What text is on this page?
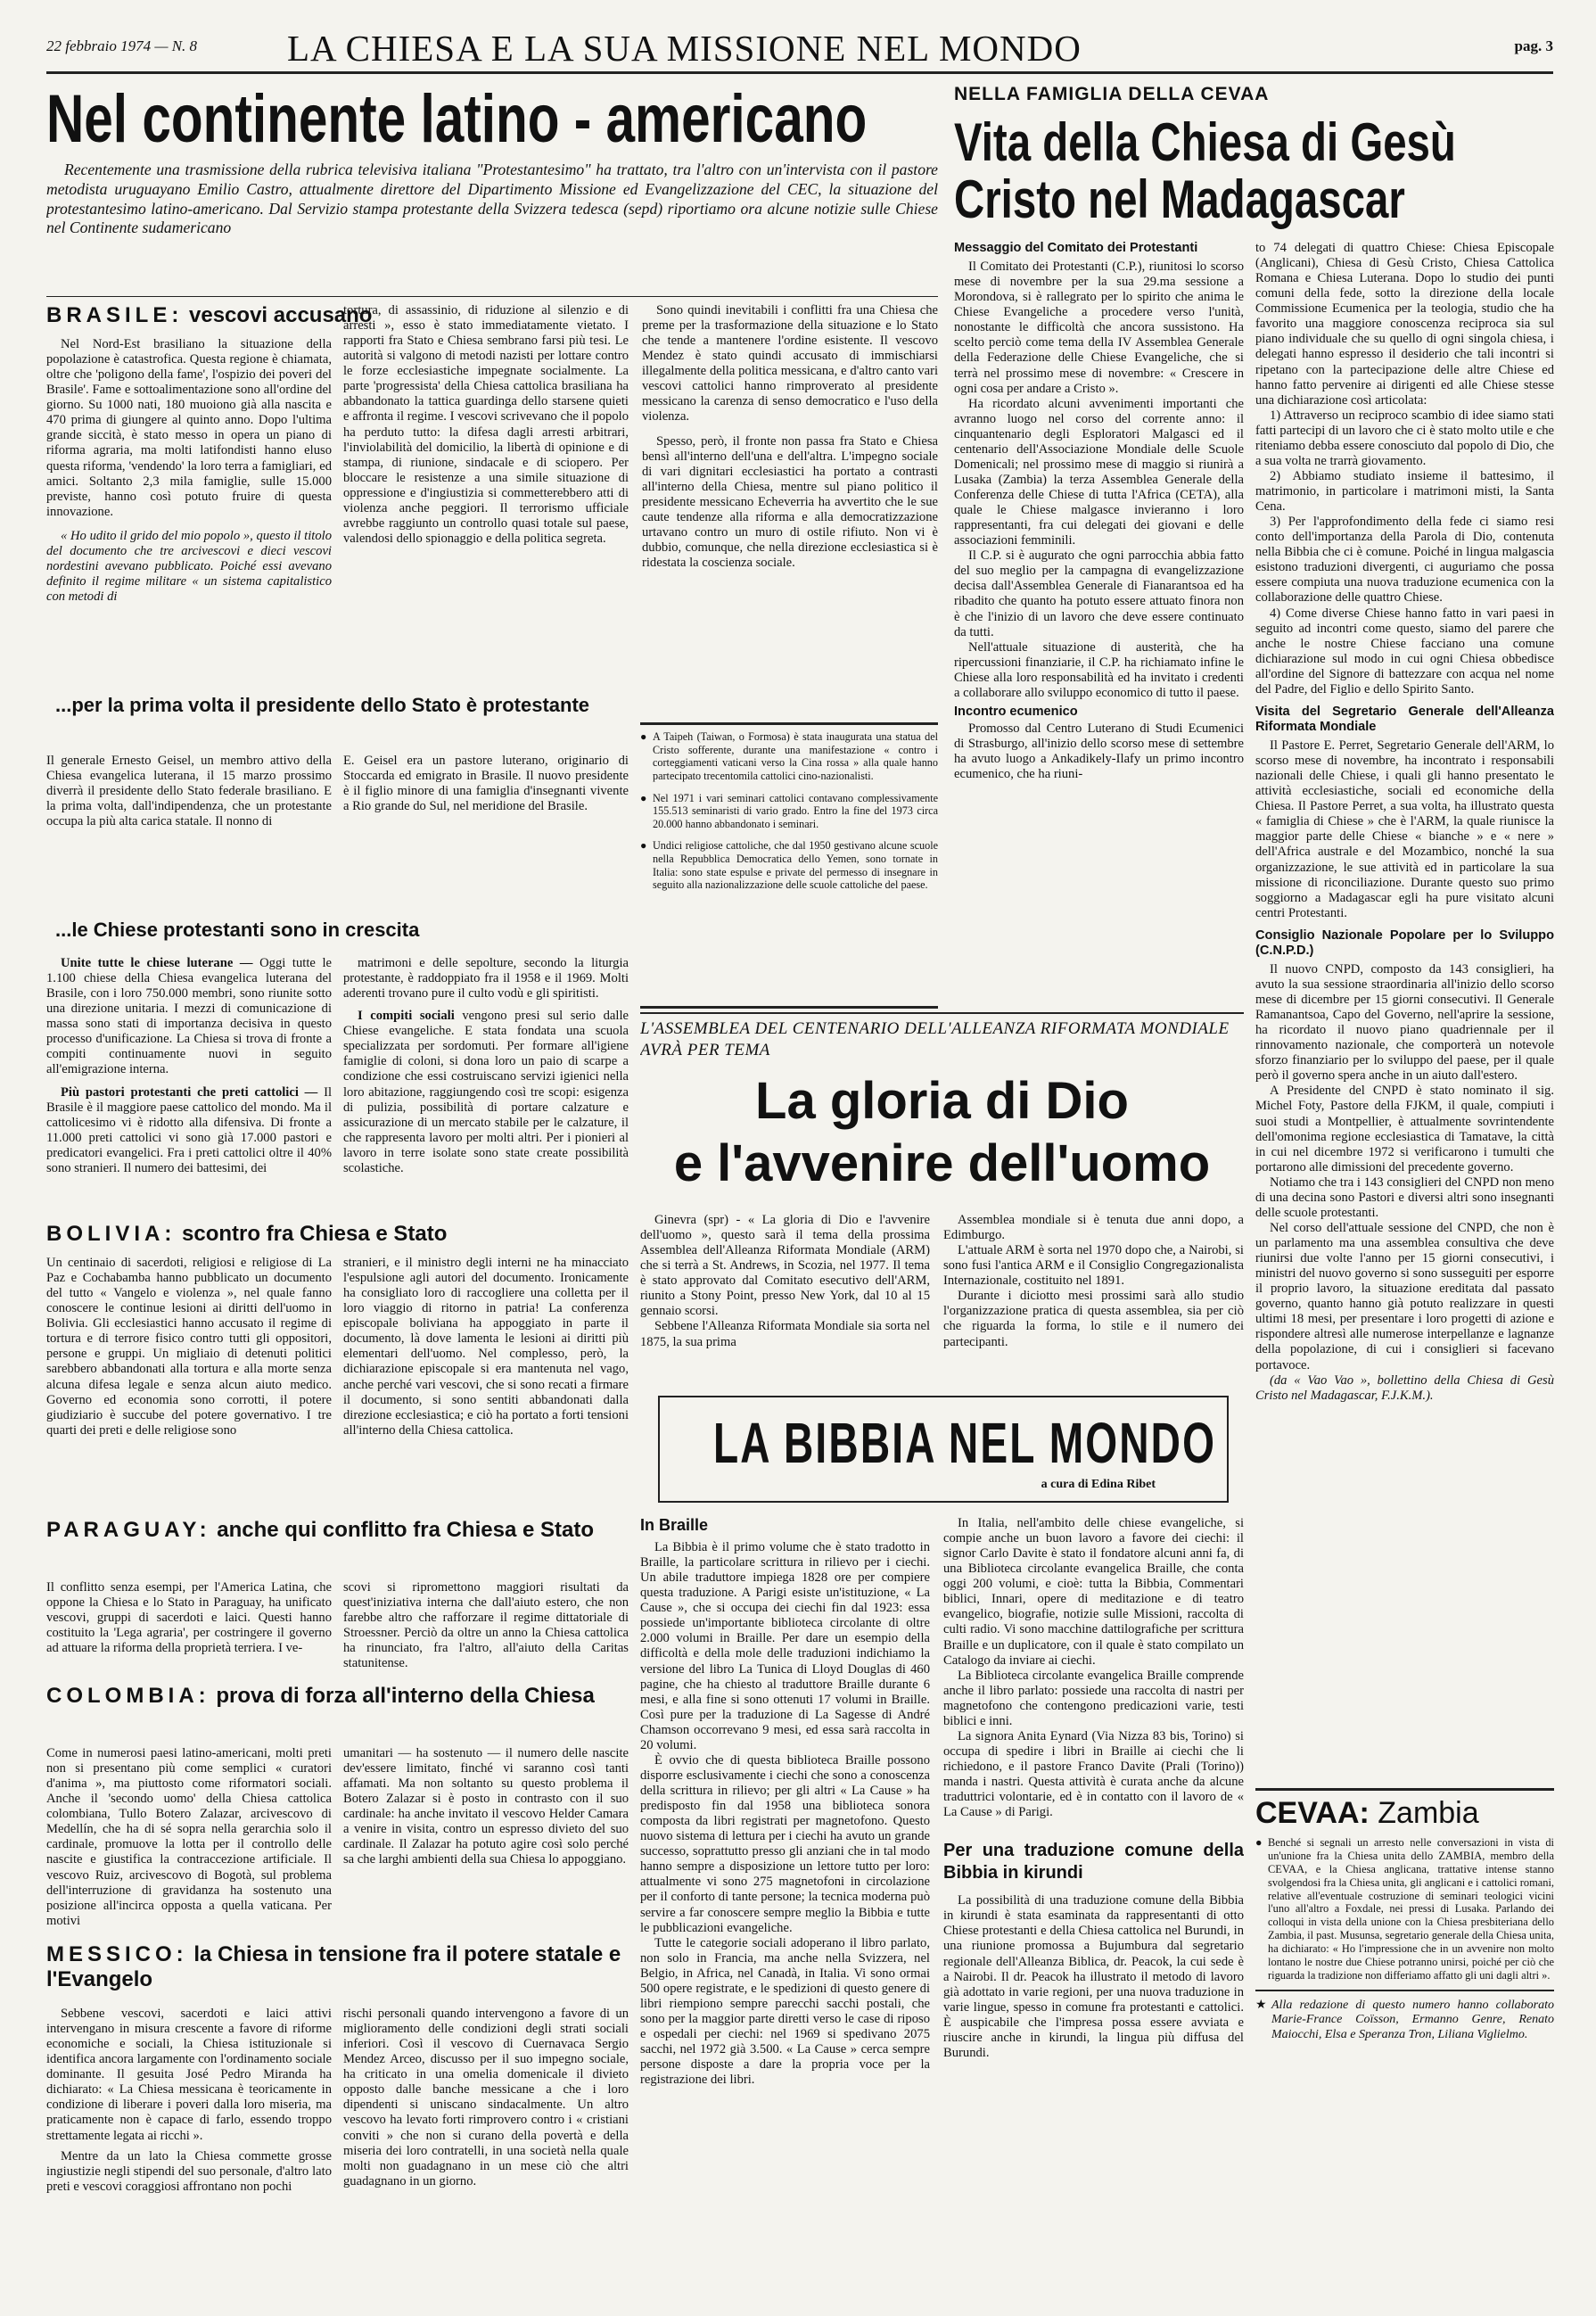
22 febbraio 1974 — N. 8 LA CHIESA E LA SUA MISSIONE NEL MONDO	pag. 3
Nel continente latino - americano
Recentemente una trasmissione della rubrica televisiva italiana "Protestantesimo" ha trattato, tra l'altro con un'intervista con il pastore metodista uruguayano Emilio Castro, attualmente direttore del Dipartimento Missione ed Evangelizzazione del CEC, la situazione del protestantesimo latino-americano. Dal Servizio stampa protestante della Svizzera tedesca (sepd) riportiamo ora alcune notizie sulle Chiese nel Continente sudamericano
BRASILE: vescovi accusano

Nel Nord-Est brasiliano la situazione della popolazione è catastrofica. Questa regione è chiamata, oltre che 'poligono della fame', l'ospizio dei poveri del Brasile'. Fame e sottoalimentazione sono all'ordine del giorno. Su 1000 nati, 180 muoiono già alla nascita e 470 prima di giungere al quinto anno. Dopo l'ultima grande siccità, è stato messo in opera un piano di riforma agraria, ma molti latifondisti hanno eluso questa riforma, 'vendendo' la loro terra a famigliari, ed amici. Soltanto 2,3 mila famiglie, sulle 15.000 previste, hanno così potuto fruire di questa innovazione.

« Ho udito il grido del mio popolo », questo il titolo del documento che tre arcivescovi e dieci vescovi nordestini avevano pubblicato. Poiché essi avevano definito il regime militare « un sistema capitalistico con metodi di

tortura, di assassinio, di riduzione al silenzio e di arresti », esso è stato immediatamente vietato. I rapporti fra Stato e Chiesa sembrano farsi più tesi. Le autorità si valgono di metodi nazisti per lottare contro le forze ecclesiastiche impegnate socialmente. La parte 'progressista' della Chiesa cattolica brasiliana ha abbandonato la tattica guardinga dello starsene quieti e affronta il regime. I vescovi scrivevano che il popolo ha perduto tutto: la difesa dagli arresti arbitrari, l'inviolabilità del domicilio, la libertà di opinione e di stampa, di riunione, sindacale e di sciopero. Per bloccare le resistenze a una simile situazione di oppressione e d'ingiustizia si commetterebbero atti di violenza anche peggiori. Il terrorismo ufficiale avrebbe raggiunto un controllo quasi totale sul paese, valendosi dello spionaggio e della politica segreta.

Sono quindi inevitabili i conflitti fra una Chiesa che preme per la trasformazione della situazione e lo Stato che tende a mantenere l'ordine esistente. Il vescovo Mendez è stato quindi accusato di immischiarsi illegalmente della politica messicana, e d'altro canto vari vescovi cattolici hanno rimproverato al presidente messicano la carenza di senso democratico e l'uso della violenza.

Spesso, però, il fronte non passa fra Stato e Chiesa bensì all'interno dell'una e dell'altra. L'impegno sociale di vari dignitari ecclesiastici ha portato a contrasti all'interno della Chiesa, mentre sul piano politico il presidente messicano Echeverria ha avvertito che le sue caute tendenze alla riforma e alla democratizzazione urtavano contro un muro di ostile rifiuto. Non vi è dubbio, comunque, che nella direzione ecclesiastica si è ridestata la coscienza sociale.

...per la prima volta il presidente dello Stato è protestante
Il generale Ernesto Geisel, un membro attivo della Chiesa evangelica luterana, il 15 marzo prossimo diverrà il presidente dello Stato federale brasiliano. E la prima volta, dall'indipendenza, che un protestante occupa la più alta carica statale. Il nonno di
E. Geisel era un pastore luterano, originario di Stoccarda ed emigrato in Brasile. Il nuovo presidente è il figlio minore di una famiglia d'insegnanti vivente a Rio grande do Sul, nel meridione del Brasile.
...le Chiese protestanti sono in crescita

Unite tutte le chiese luterane — Oggi tutte le 1.100 chiese della Chiesa evangelica luterana del Brasile, con i loro 750.000 membri, sono riunite sotto una direzione unitaria. I mezzi di comunicazione di massa sono stati di importanza decisiva in questo processo d'unificazione. La Chiesa si trova di fronte a compiti continuamente nuovi in seguito all'emigrazione interna.

Più pastori protestanti che preti cattolici — Il Brasile è il maggiore paese cattolico del mondo. Ma il cattolicesimo vi è ridotto alla difensiva. Di fronte a 11.000 preti cattolici vi sono già 17.000 pastori e predicatori evangelici. Fra i preti cattolici oltre il 40% sono stranieri. Il numero dei battesimi, dei

matrimoni e delle sepolture, secondo la liturgia protestante, è raddoppiato fra il 1958 e il 1969. Molti aderenti trovano pure il culto vodù e gli spiritisti.

I compiti sociali vengono presi sul serio dalle Chiese evangeliche. E stata fondata una scuola specializzata per sordomuti. Per formare all'igiene famiglie di coloni, si dona loro un paio di scarpe a condizione che essi costruiscano servizi igienici nella loro abitazione, raggiungendo così tre scopi: esigenza di pulizia, possibilità di portare calzature e assicurazione di un mercato stabile per le calzature, il che rappresenta lavoro per molti altri. Per i pionieri al lavoro in terre isolate sono state create possibilità scolastiche.

BOLIVIA: scontro fra Chiesa e Stato
Un centinaio di sacerdoti, religiosi e religiose di La Paz e Cochabamba hanno pubblicato un documento del tutto « Vangelo e violenza », nel quale fanno conoscere le continue lesioni ai diritti dell'uomo in Bolivia. Gli ecclesiastici hanno accusato il regime di tortura e di terrore fisico contro tutti gli oppositori, persone e gruppi. Un migliaio di detenuti politici sarebbero abbandonati alla tortura e alla morte senza alcuna difesa legale e senza alcun aiuto medico. Governo ed economia sono corrotti, il potere giudiziario è succube del potere governativo. I tre quarti dei preti e delle religiose sono
stranieri, e il ministro degli interni ne ha minacciato l'espulsione agli autori del documento. Ironicamente ha consigliato loro di raccogliere una colletta per il loro viaggio di ritorno in patria! La conferenza episcopale boliviana ha appoggiato in parte il documento, là dove lamenta le lesioni ai diritti più elementari dell'uomo. Nel complesso, però, la dichiarazione episcopale si era mantenuta nel vago, anche perché vari vescovi, che si sono recati a firmare il documento, si sono sentiti abbandonati dalla direzione ecclesiastica; e ciò ha portato a forti tensioni all'interno della Chiesa cattolica.
PARAGUAY: anche qui conflitto fra Chiesa e Stato
Il conflitto senza esempi, per l'America Latina, che oppone la Chiesa e lo Stato in Paraguay, ha unificato vescovi, gruppi di sacerdoti e laici. Questi hanno costituito la 'Lega agraria', per costringere il governo ad attuare la riforma della proprietà terriera. I ve-
scovi si ripromettono maggiori risultati da quest'iniziativa interna che dall'aiuto estero, che non farebbe altro che rafforzare il regime dittatoriale di Stroessner. Perciò da oltre un anno la Chiesa cattolica ha rinunciato, fra l'altro, all'aiuto della Caritas statunitense.
COLOMBIA: prova di forza all'interno della Chiesa
Come in numerosi paesi latino-americani, molti preti non si presentano più come semplici « curatori d'anima », ma piuttosto come riformatori sociali. Anche il 'secondo uomo' della Chiesa cattolica colombiana, Tullo Botero Zalazar, arcivescovo di Medellín, che ha di sé sopra nella gerarchia solo il cardinale, promuove la lotta per il controllo delle nascite e giustifica la contraccezione artificiale. Il vescovo Ruiz, arcivescovo di Bogotà, sul problema dell'interruzione di gravidanza ha sostenuto una posizione all'incirca opposta a quella vaticana. Per motivi
umanitari — ha sostenuto — il numero delle nascite dev'essere limitato, finché vi saranno così tanti affamati. Ma non soltanto su questo problema il Botero Zalazar si è posto in contrasto con il suo cardinale: ha anche invitato il vescovo Helder Camara a venire in visita, contro un espresso divieto del suo cardinale. Il Zalazar ha potuto agire così solo perché sa che larghi ambienti della sua Chiesa lo appoggiano.
MESSICO: la Chiesa in tensione fra il potere statale e l'Evangelo

Sebbene vescovi, sacerdoti e laici attivi intervengano in misura crescente a favore di riforme economiche e sociali, la Chiesa istituzionale si identifica ancora largamente con l'ordinamento sociale dominante. Il gesuita José Pedro Miranda ha dichiarato: « La Chiesa messicana è teoricamente in condizione di liberare i poveri dalla loro miseria, ma praticamente non è capace di farlo, essendo troppo strettamente legata ai ricchi ».

Mentre da un lato la Chiesa commette grosse ingiustizie negli stipendi del suo personale, d'altro lato preti e vescovi coraggiosi affrontano non pochi

rischi personali quando intervengono a favore di un miglioramento delle condizioni degli strati sociali inferiori. Così il vescovo di Cuernavaca Sergio Mendez Arceo, discusso per il suo impegno sociale, ha criticato in una omelia domenicale il divieto opposto dalle banche messicane a che i loro dipendenti si uniscano sindacalmente. Un altro vescovo ha levato forti rimprovero contro i « cristiani conviti » che non si curano della povertà e della miseria dei loro contratelli, in una società nella quale molti non guadagnano in un mese ciò che altri guadagnano in un giorno.
● A Taipeh (Taiwan, o Formosa) è stata inaugurata una statua del Cristo sofferente, durante una manifestazione « contro i corteggiamenti vaticani verso la Cina rossa » alla quale hanno partecipato trecentomila cattolici cino-nazionalisti.
● Nel 1971 i vari seminari cattolici contavano complessivamente 155.513 seminaristi di vario grado. Entro la fine del 1973 circa 20.000 hanno abbandonato i seminari.
● Undici religiose cattoliche, che dal 1950 gestivano alcune scuole nella Repubblica Democratica dello Yemen, sono tornate in Italia: sono state espulse e private del permesso di insegnare in seguito alla nazionalizzazione delle scuole cattoliche del paese.
NELLA FAMIGLIA DELLA CEVAA
Vita della Chiesa di Gesù Cristo nel Madagascar
Messaggio del Comitato dei Protestanti

Il Comitato dei Protestanti (C.P.), riunitosi lo scorso mese di novembre per la sua 29.ma sessione a Morondova, si è rallegrato per lo spirito che anima le Chiese Evangeliche a procedere verso l'unità, nonostante le difficoltà che ancora sussistono. Ha scelto perciò come tema della IV Assemblea Generale della Federazione delle Chiese Evangeliche, che si terrà nel prossimo mese di novembre: « Crescere in ogni cosa per andare a Cristo ».

Ha ricordato alcuni avvenimenti importanti che avranno luogo nel corso del corrente anno: il cinquantenario degli Esploratori Malgasci ed il centenario dell'Associazione Mondiale delle Scuole Domenicali; nel prossimo mese di maggio si riunirà a Lusaka (Zambia) la terza Assemblea Generale della Conferenza delle Chiese di tutta l'Africa (CETA), alla quale le Chiese malgasce invieranno i loro rappresentanti, fra cui delegati dei giovani e delle associazioni femminili.

Il C.P. si è augurato che ogni parrocchia abbia fatto del suo meglio per la campagna di evangelizzazione decisa dall'Assemblea Generale di Fianarantsoa ed ha ribadito che quanto ha potuto essere attuato finora non è che l'inizio di un lavoro che deve essere continuato da tutti.

Nell'attuale situazione di austerità, che ha ripercussioni finanziarie, il C.P. ha richiamato infine le Chiese alla loro responsabilità ed ha invitato i credenti a collaborare allo sviluppo economico di tutto il paese.

Incontro ecumenico

Promosso dal Centro Luterano di Studi Ecumenici di Strasburgo, all'inizio dello scorso mese di settembre ha avuto luogo a Ankadikely-Ilafy un primo incontro ecumenico, che ha riuni-

to 74 delegati di quattro Chiese: Chiesa Episcopale (Anglicani), Chiesa di Gesù Cristo, Chiesa Cattolica Romana e Chiesa Luterana. Dopo lo studio dei punti comuni della fede, sotto la direzione della locale Commissione Ecumenica per la teologia, studio che ha favorito una maggiore conoscenza reciproca sia sul piano individuale che su quello di ogni singola chiesa, i delegati hanno espresso il desiderio che tali incontri si ripetano con la partecipazione delle altre Chiese ed hanno fatto pervenire ai dirigenti ed alle Chiese stesse una dichiarazione così articolata:

1) Attraverso un reciproco scambio di idee siamo stati fatti partecipi di un lavoro che ci è stato molto utile e che riteniamo debba essere conosciuto dal popolo di Dio, che a sua volta ne trarrà giovamento.

2) Abbiamo studiato insieme il battesimo, il matrimonio, in particolare i matrimoni misti, la Santa Cena.

3) Per l'approfondimento della fede ci siamo resi conto dell'importanza della Parola di Dio, contenuta nella Bibbia che ci è comune. Poiché in lingua malgascia esistono traduzioni divergenti, ci auguriamo che possa essere compiuta una nuova traduzione ecumenica con la collaborazione delle quattro Chiese.

4) Come diverse Chiese hanno fatto in vari paesi in seguito ad incontri come questo, siamo del parere che anche le nostre Chiese facciano una comune dichiarazione sul modo in cui ogni Chiesa obbedisce all'ordine del Signore di battezzare con acqua nel nome del Padre, del Figlio e dello Spirito Santo.

Visita del Segretario Generale dell'Alleanza Riformata Mondiale

Il Pastore E. Perret, Segretario Generale dell'ARM, lo scorso mese di novembre, ha incontrato i responsabili nazionali delle Chiese, i quali gli hanno presentato le attività ecclesiastiche, sociali ed economiche della Chiesa. Il Pastore Perret, a sua volta, ha illustrato questa « famiglia di Chiese » che è l'ARM, la quale riunisce la maggior parte delle Chiese « bianche » e « nere » dell'Africa australe e del Mozambico, nonché la sua organizzazione, le sue attività ed in particolare la sua missione di riconciliazione. Durante questo suo primo soggiorno a Madagascar egli ha pure visitato alcuni centri Protestanti.

Consiglio Nazionale Popolare per lo Sviluppo (C.N.P.D.)

Il nuovo CNPD, composto da 143 consiglieri, ha avuto la sua sessione straordinaria all'inizio dello scorso mese di dicembre per 15 giorni consecutivi. Il Generale Ramanantsoa, Capo del Governo, nell'aprire la sessione, ha ricordato il nuovo piano quadriennale per il rinnovamento nazionale, che comporterà un notevole sforzo finanziario per lo sviluppo del paese, per il quale però il governo spera anche in un aiuto dall'estero.

A Presidente del CNPD è stato nominato il sig. Michel Foty, Pastore della FJKM, il quale, compiuti i suoi studi a Montpellier, è attualmente sovrintendente dell'omonima regione ecclesiastica di Tamatave, la città in cui nel dicembre 1972 si verificarono i tumulti che portarono alle dimissioni del precedente governo.

Notiamo che tra i 143 consiglieri del CNPD non meno di una decina sono Pastori e diversi altri sono insegnanti delle scuole protestanti.

Nel corso dell'attuale sessione del CNPD, che non è un parlamento ma una assemblea consultiva che deve riunirsi due volte l'anno per 15 giorni consecutivi, i ministri del nuovo governo si sono susseguiti per esporre il proprio lavoro, la situazione ereditata dal passato governo, quanto hanno già potuto realizzare in questi ultimi 18 mesi, per presentare i loro progetti di azione e rispondere altresì alle numerose interpellanze e lagnanze della popolazione, di cui i consiglieri si facevano portavoce.

(da « Vao Vao », bollettino della Chiesa di Gesù Cristo nel Madagascar, F.J.K.M.).

L'ASSEMBLEA DEL CENTENARIO DELL'ALLEANZA RIFORMATA MONDIALE AVRÀ PER TEMA
La gloria di Dio
e l'avvenire dell'uomo

Ginevra (spr) - « La gloria di Dio e l'avvenire dell'uomo », questo sarà il tema della prossima Assemblea dell'Alleanza Riformata Mondiale (ARM) che si terrà a St. Andrews, in Scozia, nel 1977. Il tema è stato approvato dal Comitato esecutivo dell'ARM, riunito a Stony Point, presso New York, dal 10 al 15 gennaio scorsi.

Sebbene l'Alleanza Riformata Mondiale sia sorta nel 1875, la sua prima

Assemblea mondiale si è tenuta due anni dopo, a Edimburgo.

L'attuale ARM è sorta nel 1970 dopo che, a Nairobi, si sono fusi l'antica ARM e il Consiglio Congregazionalista Internazionale, costituito nel 1891.

Durante i diciotto mesi prossimi sarà allo studio l'organizzazione pratica di questa assemblea, sia per ciò che riguarda la forma, lo stile e il numero dei partecipanti.

LA BIBBIA NEL MONDO
a cura di Edina Ribet
In Braille

La Bibbia è il primo volume che è stato tradotto in Braille, la particolare scrittura in rilievo per i ciechi. Un abile traduttore impiega 1828 ore per compiere questa traduzione. A Parigi esiste un'istituzione, « La Cause », che si occupa dei ciechi fin dal 1923: essa possiede un'importante biblioteca circolante di oltre 2.000 volumi in Braille. Per dare un esempio della difficoltà e della mole delle traduzioni indichiamo la versione del libro La Tunica di Lloyd Douglas di 460 pagine, che ha chiesto al traduttore Braille durante 6 mesi, e alla fine si sono ottenuti 17 volumi in Braille. Così pure per la traduzione di La Sagesse di André Chamson occorrevano 9 mesi, ed essa sarà raccolta in 20 volumi.

È ovvio che di questa biblioteca Braille possono disporre esclusivamente i ciechi che sono a conoscenza della scrittura in rilievo; per gli altri « La Cause » ha predisposto fin dal 1958 una biblioteca sonora composta da libri registrati per magnetofono. Questo nuovo sistema di lettura per i ciechi ha avuto un grande successo, soprattutto presso gli anziani che in tal modo hanno sempre a disposizione un lettore tutto per loro: attualmente vi sono 275 magnetofoni in circolazione per il conforto di tante persone; la tecnica moderna può servire a far conoscere sempre meglio la Bibbia e tutte le pubblicazioni evangeliche.

Tutte le categorie sociali adoperano il libro parlato, non solo in Francia, ma anche nella Svizzera, nel Belgio, in Africa, nel Canadà, in Italia. Vi sono ormai 500 opere registrate, e le spedizioni di questo genere di libri riempiono sempre parecchi sacchi postali, che sono per la maggior parte diretti verso le case di riposo e ospedali per ciechi: nel 1969 si spedivano 2075 sacchi, nel 1972 già 3.500. « La Cause » cerca sempre persone disposte a dare la propria voce per la registrazione dei libri.

In Italia, nell'ambito delle chiese evangeliche, si compie anche un buon lavoro a favore dei ciechi: il signor Carlo Davite è stato il fondatore alcuni anni fa, di una Biblioteca circolante evangelica Braille, che conta oggi 200 volumi, e cioè: tutta la Bibbia, Commentari biblici, Innari, opere di meditazione e di teatro evangelico, biografie, notizie sulle Missioni, raccolta di culti radio. Vi sono macchine dattilografiche per scrittura Braille e un duplicatore, con il quale è stato compilato un Catalogo da inviare ai ciechi.

La Biblioteca circolante evangelica Braille comprende anche il libro parlato: possiede una raccolta di nastri per magnetofono che contengono predicazioni varie, testi biblici e inni.

La signora Anita Eynard (Via Nizza 83 bis, Torino) si occupa di spedire i libri in Braille ai ciechi che li richiedono, e il pastore Franco Davite (Prali (Torino)) manda i nastri. Questa attività è curata anche da alcune traduttrici volontarie, ed è in contatto con il lavoro de « La Cause » di Parigi.

Per una traduzione comune della Bibbia in kirundi

La possibilità di una traduzione comune della Bibbia in kirundi è stata esaminata da rappresentanti di otto Chiese protestanti e della Chiesa cattolica nel Burundi, in una riunione promossa a Bujumbura dal segretario regionale dell'Alleanza Biblica, dr. Peacok, la cui sede è a Nairobi. Il dr. Peacok ha illustrato il metodo di lavoro già adottato in varie regioni, per una nuova traduzione in varie lingue, spesso in comune fra protestanti e cattolici. È auspicabile che l'impresa possa essere avviata e riuscire anche in kirundi, la lingua più diffusa del Burundi.

CEVAA: Zambia
● Benché si segnali un arresto nelle conversazioni in vista di un'unione fra la Chiesa unita dello ZAMBIA, membro della CEVAA, e la Chiesa anglicana, trattative intense stanno svolgendosi fra la Chiesa unita, gli anglicani e i cattolici romani, relative all'eventuale costruzione di seminari teologici vicini l'uno all'altro a Foxdale, nei pressi di Lusaka. Parlando dei colloqui in vista della unione con la Chiesa presbiteriana dello Zambia, il past. Musunsa, segretario generale della Chiesa unita, ha dichiarato: « Ho l'impressione che in un avvenire non molto lontano le nostre due Chiese potranno unirsi, poiché per ciò che riguarda la tradizione non differiamo affatto gli uni dagli altri ».
★ Alla redazione di questo numero hanno collaborato Marie-France Coïsson, Ermanno Genre, Renato Maiocchi, Elsa e Speranza Tron, Liliana Viglielmo.
